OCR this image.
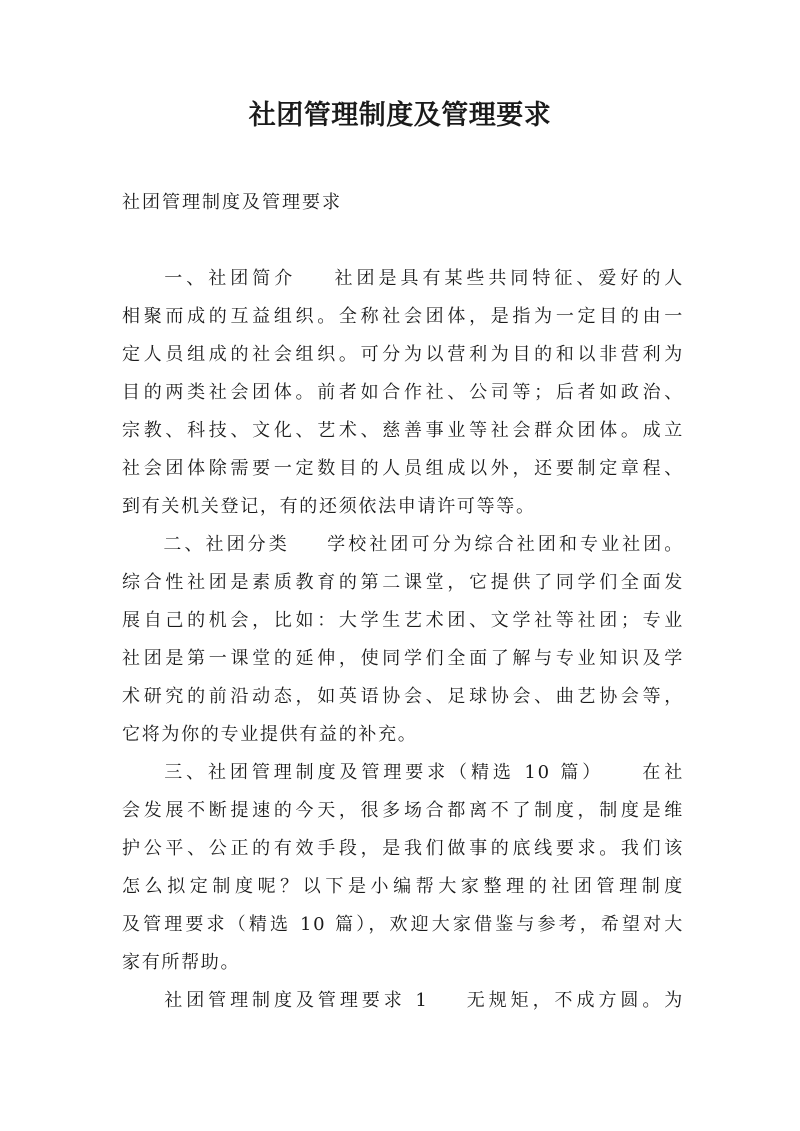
社团管理制度及管理要求

社团管理制度及管理要求

一、社团简介 社团是具有某些共同特征、爱好的人
相聚而成的互益组织。全称社会团体，是指为一定目的由一
定人员组成的社会组织。可分为以营利为目的和以非营利为
目的两类社会团体。前者如合作社、公司等；后者如政治、
宗教、科技、文化、艺术、慈善事业等社会群众团体。成立
社会团体除需要一定数目的人员组成以外，还要制定章程、
到有关机关登记，有的还须依法申请许可等等。
二、社团分类 学校社团可分为综合社团和专业社团。
综合性社团是素质教育的第二课堂，它提供了同学们全面发
展自己的机会，比如：大学生艺术团、文学社等社团；专业
社团是第一课堂的延伸，使同学们全面了解与专业知识及学
术研究的前沿动态，如英语协会、足球协会、曲艺协会等，
它将为你的专业提供有益的补充。
三、社团管理制度及管理要求（精选 10 篇） 在社
会发展不断提速的今天，很多场合都离不了制度，制度是维
护公平、公正的有效手段，是我们做事的底线要求。我们该
怎么拟定制度呢？以下是小编帮大家整理的社团管理制度
及管理要求（精选 10 篇），欢迎大家借鉴与参考，希望对大
家有所帮助。
社团管理制度及管理要求 1 无规矩，不成方圆。为
